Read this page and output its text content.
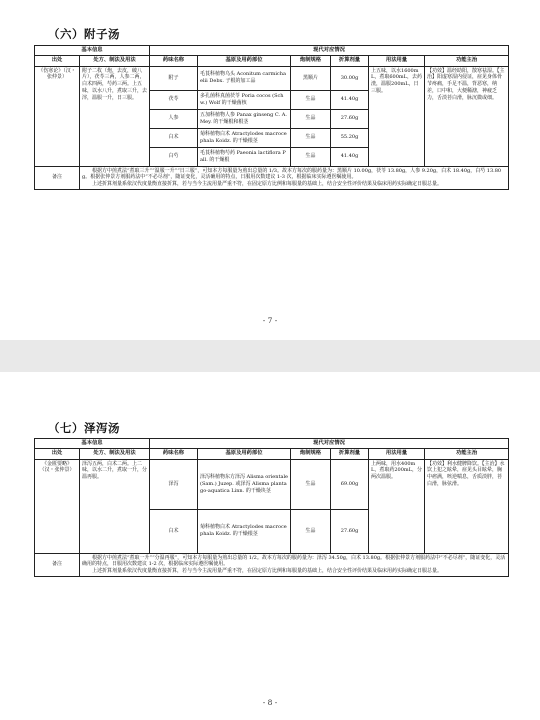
（六）附子汤
基本信息		现代对应情况					
出处	处方、制法及用法	药味名称	基原及用药部位	炮制规格	折算剂量	用法用量	功能主治
《伤寒论》（汉・张仲景）	附子二枚（炮，去皮，破八片），茯苓三两，人参二两，白术四两，芍药三两。上五味，以水八升，煮取三升，去滓，温服一升，日三服。	附子	毛茛科植物乌头 Aconitum carmichaelii Debx. 子根的加工品	黑顺片	30.00g	上五味，以水1600mL，煮取600mL，去药渣，温服200mL，日三服。	【功效】温经助阳，散寒祛湿。【主治】阳虚寒湿内侵证，症见身体骨节疼痛，手足不温，背恶寒，纳差，口中和，大便稀溏，神疲乏力，舌淡苔白滑，脉沉微或细。
		茯苓	多孔菌科真菌茯苓 Poria cocos (Schw.) Wolf 的干燥菌核	生品	41.40g		
		人参	五加科植物人参 Panax ginseng C. A. Mey. 的干燥根和根茎	生品	27.60g		
		白术	菊科植物白术 Atractylodes macrocephala Koidz. 的干燥根茎	生品	55.20g		
		白芍	毛茛科植物芍药 Paeonia lactiflora Pall. 的干燥根	生品	41.40g		
备注	根据方中煎煮法“煮取三升”“温服一升”“日三服”，可知本方每服量为煎出总量的 1/3。故本方每次的服药量为：黑顺片 10.00g，茯苓 13.80g，人参 9.20g，白术 18.40g，白芍 13.80g。根据张仲景方剂服药法中“不必尽剂”，随证变化，灵活确用的特点，日服用次数建议 1-3 次，根据临床实际遵医嘱使用。
上述折算剂量系依汉代度量衡直接折算，若与当今主流用量严重不符，在固定原方比例和每服量的基础上，结合安全性评价结果及临床用药实际确定日服总量。						
- 7 -
（七）泽泻汤
基本信息		现代对应情况					
出处	处方、制法及用法	药味名称	基原及用药部位	炮制规格	折算剂量	用法用量	功能主治
《金匮要略》（汉・张仲景）	泽泻五两，白术二两。上二味，以水二升，煮取一升，分温再服。	泽泻	泽泻科植物东方泽泻 Alisma orientale (Sam.) Juzep. 或泽泻 Alisma plantago-aquatica Linn. 的干燥块茎	生品	69.00g	上两味，用水400mL，煮取药200mL，分两次温服。	【功效】利水健脾降饮。【主治】水饮上犯之眩晕，症见头目眩晕，胸中痞满，咳逆喘息，舌质淡胖，苔白滑，脉弦滑。
		白术	菊科植物白术 Atractylodes macrocephala Koidz. 的干燥根茎	生品	27.60g		
备注	根据方中煎煮法“煮取一升”“分温再服”，可知本方每服量为煎出总量的 1/2。故本方每次的服药量为：泽泻 34.50g，白术 13.80g。根据张仲景方剂服药法中“不必尽剂”，随证变化，灵活确用的特点，日服用次数建议 1-2 次，根据临床实际遵医嘱使用。
上述折算剂量系依汉代度量衡直接折算，若与当今主流用量严重不符，在固定原方比例和每服量的基础上，结合安全性评价结果及临床用药实际确定日服总量。						
- 8 -
